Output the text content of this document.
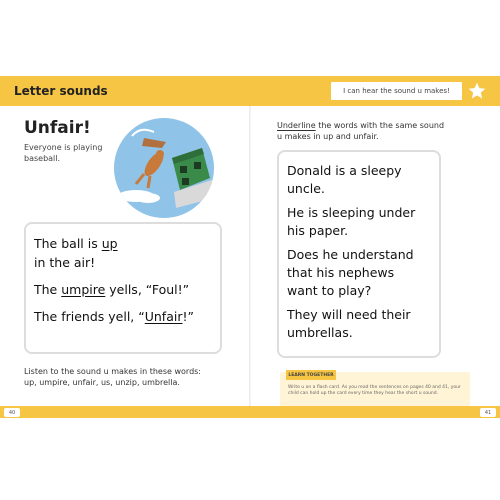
Letter sounds	I can hear the sound u makes!
Unfair!
Everyone is playing baseball.
The ball is up
in the air!
The umpire yells, “Foul!”
The friends yell, “Unfair!”
Listen to the sound u makes in these words:
up, umpire, unfair, us, unzip, umbrella.
Underline the words with the same sound u makes in up and unfair.
Donald is a sleepy uncle.
He is sleeping under
his paper.
Does he understand
that his nephews
want to play?
They will need their
umbrellas.
LEARN TOGETHER
Write u on a flash card. As you read the sentences on pages 40 and 41, your child can hold up the card every time they hear the short u sound.
40	41
